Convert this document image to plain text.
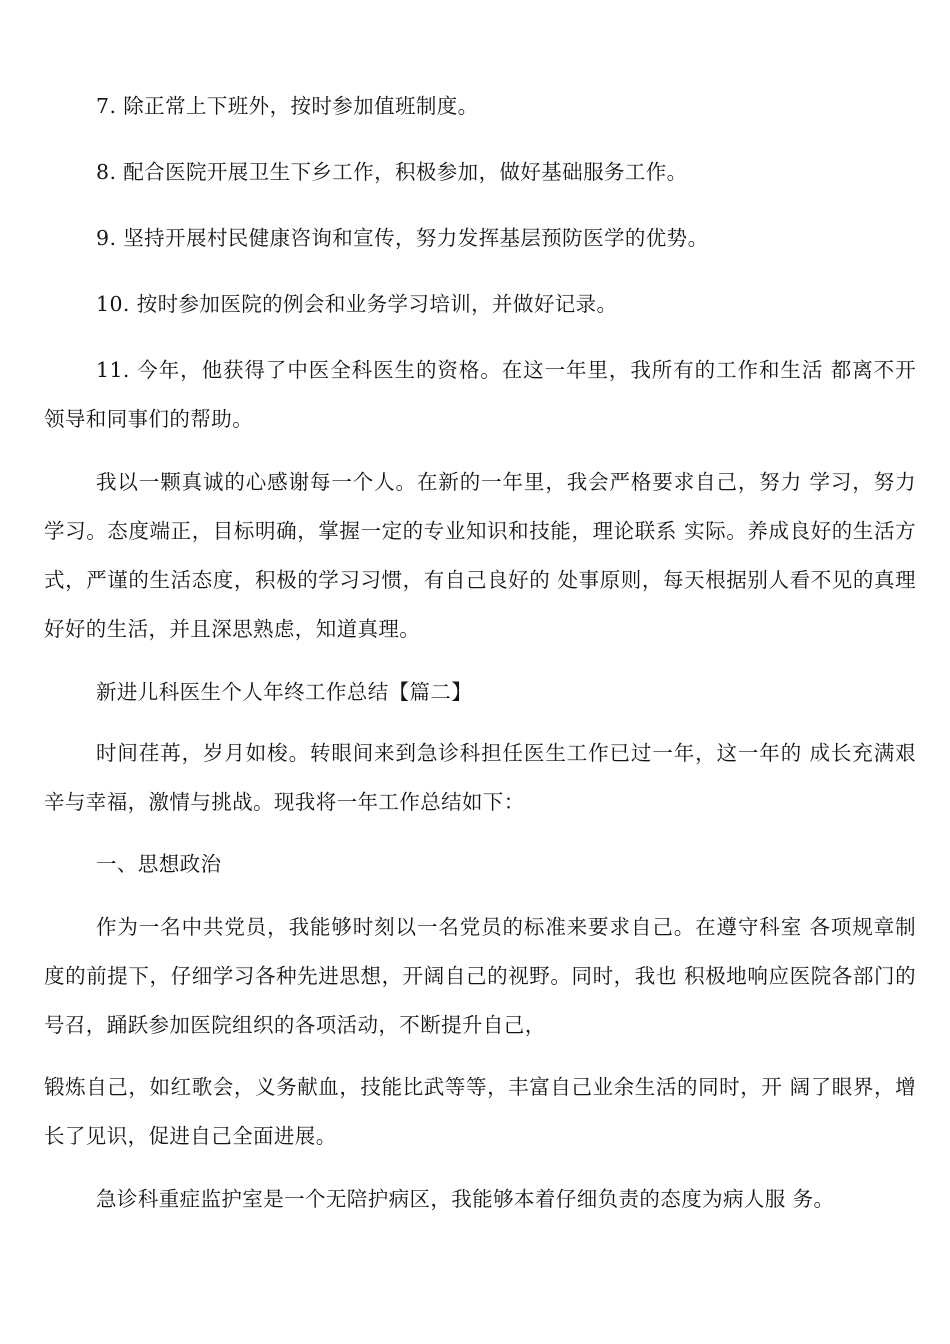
7. 除正常上下班外，按时参加值班制度。

8. 配合医院开展卫生下乡工作，积极参加，做好基础服务工作。

9. 坚持开展村民健康咨询和宣传，努力发挥基层预防医学的优势。

10. 按时参加医院的例会和业务学习培训，并做好记录。

11. 今年，他获得了中医全科医生的资格。在这一年里，我所有的工作和生活 都离不开领导和同事们的帮助。

我以一颗真诚的心感谢每一个人。在新的一年里，我会严格要求自己，努力 学习，努力学习。态度端正，目标明确，掌握一定的专业知识和技能，理论联系 实际。养成良好的生活方式，严谨的生活态度，积极的学习习惯，有自己良好的 处事原则，每天根据别人看不见的真理好好的生活，并且深思熟虑，知道真理。

新进儿科医生个人年终工作总结【篇二】

时间荏苒，岁月如梭。转眼间来到急诊科担任医生工作已过一年，这一年的 成长充满艰辛与幸福，激情与挑战。现我将一年工作总结如下：

一、思想政治

作为一名中共党员，我能够时刻以一名党员的标准来要求自己。在遵守科室 各项规章制度的前提下，仔细学习各种先进思想，开阔自己的视野。同时，我也 积极地响应医院各部门的号召，踊跃参加医院组织的各项活动，不断提升自己，

锻炼自己，如红歌会，义务献血，技能比武等等，丰富自己业余生活的同时，开 阔了眼界，增长了见识，促进自己全面进展。

急诊科重症监护室是一个无陪护病区，我能够本着仔细负责的态度为病人服 务。
